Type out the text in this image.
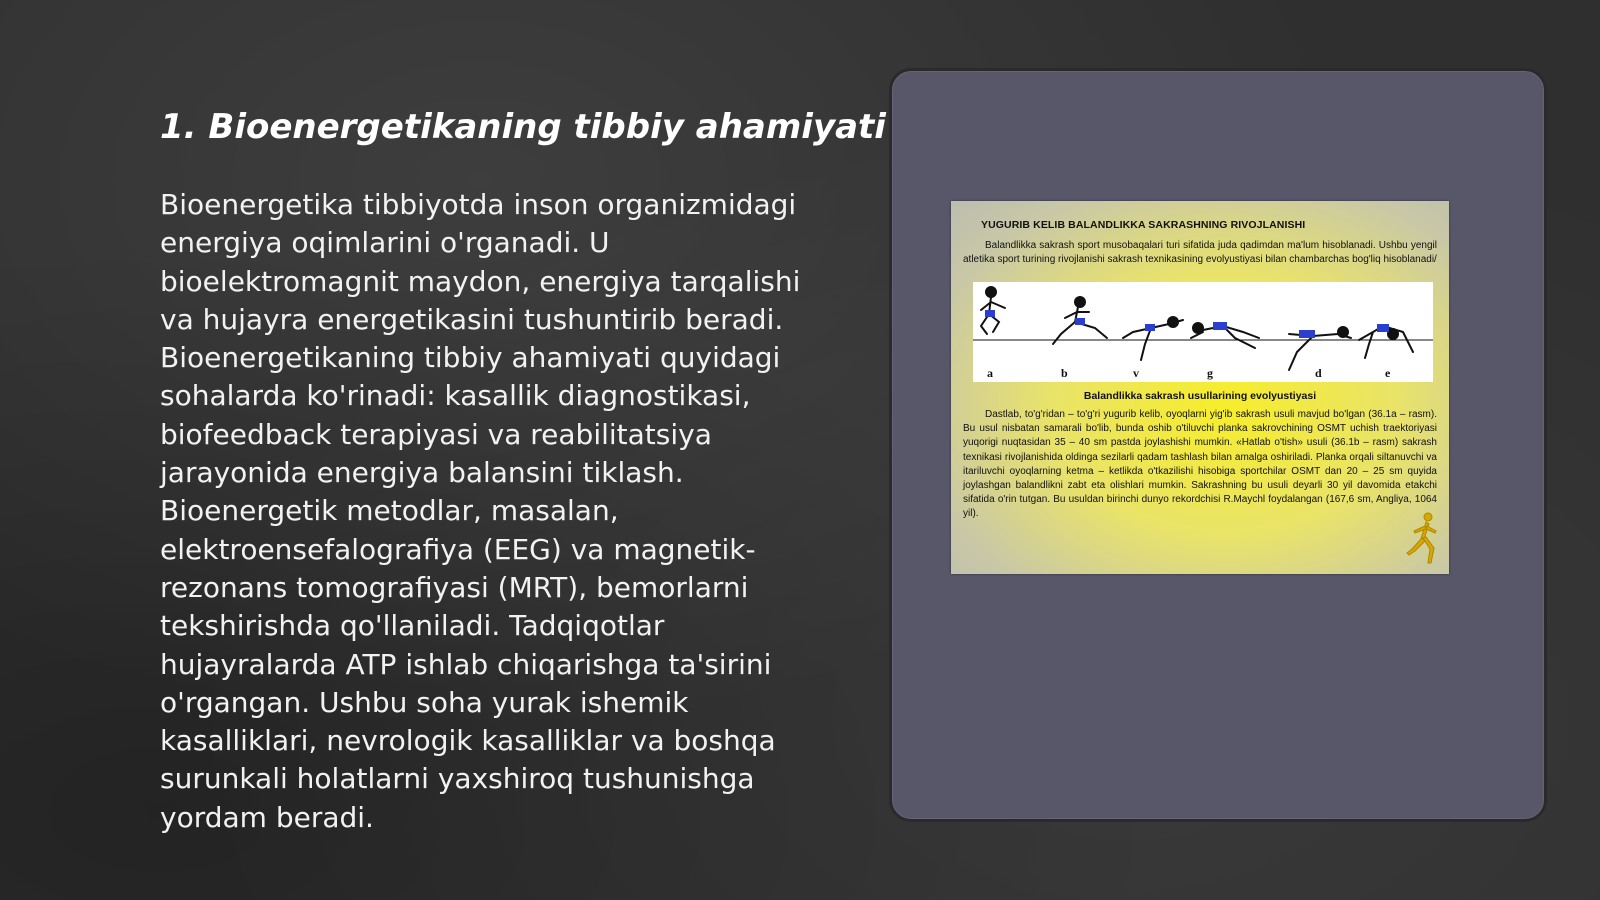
1. Bioenergetikaning tibbiy ahamiyati

Bioenergetika tibbiyotda inson organizmidagi energiya oqimlarini o'rganadi. U bioelektromagnit maydon, energiya tarqalishi va hujayra energetikasini tushuntirib beradi. Bioenergetikaning tibbiy ahamiyati quyidagi sohalarda ko'rinadi: kasallik diagnostikasi, biofeedback terapiyasi va reabilitatsiya jarayonida energiya balansini tiklash. Bioenergetik metodlar, masalan, elektroensefalografiya (EEG) va magnetik-rezonans tomografiyasi (MRT), bemorlarni tekshirishda qo'llaniladi. Tadqiqotlar hujayralarda ATP ishlab chiqarishga ta'sirini o'rgangan. Ushbu soha yurak ishemik kasalliklari, nevrologik kasalliklar va boshqa surunkali holatlarni yaxshiroq tushunishga yordam beradi.

YUGURIB KELIB BALANDLIKKA SAKRASHNING RIVOJLANISHI

Balandlikka sakrash sport musobaqalari turi sifatida juda qadimdan ma'lum hisoblanadi. Ushbu yengil atletika sport turining rivojlanishi sakrash texnikasining evolyustiyasi bilan chambarchas bog'liq hisoblanadi/

a	b	v	g	d	e
Balandlikka sakrash usullarining evolyustiyasi

Dastlab, to'g'ridan – to'g'ri yugurib kelib, oyoqlarni yig'ib sakrash usuli mavjud bo'lgan (36.1a – rasm). Bu usul nisbatan samarali bo'lib, bunda oshib o'tiluvchi planka sakrovchining OSMT uchish traektoriyasi yuqorigi nuqtasidan 35 – 40 sm pastda joylashishi mumkin. «Hatlab o'tish» usuli (36.1b – rasm) sakrash texnikasi rivojlanishida oldinga sezilarli qadam tashlash bilan amalga oshiriladi. Planka orqali siltanuvchi va itariluvchi oyoqlarning ketma – ketlikda o'tkazilishi hisobiga sportchilar OSMT dan 20 – 25 sm quyida joylashgan balandlikni zabt eta olishlari mumkin. Sakrashning bu usuli deyarli 30 yil davomida etakchi sifatida o'rin tutgan. Bu usuldan birinchi dunyo rekordchisi R.Maychl foydalangan (167,6 sm, Angliya, 1064 yil).
